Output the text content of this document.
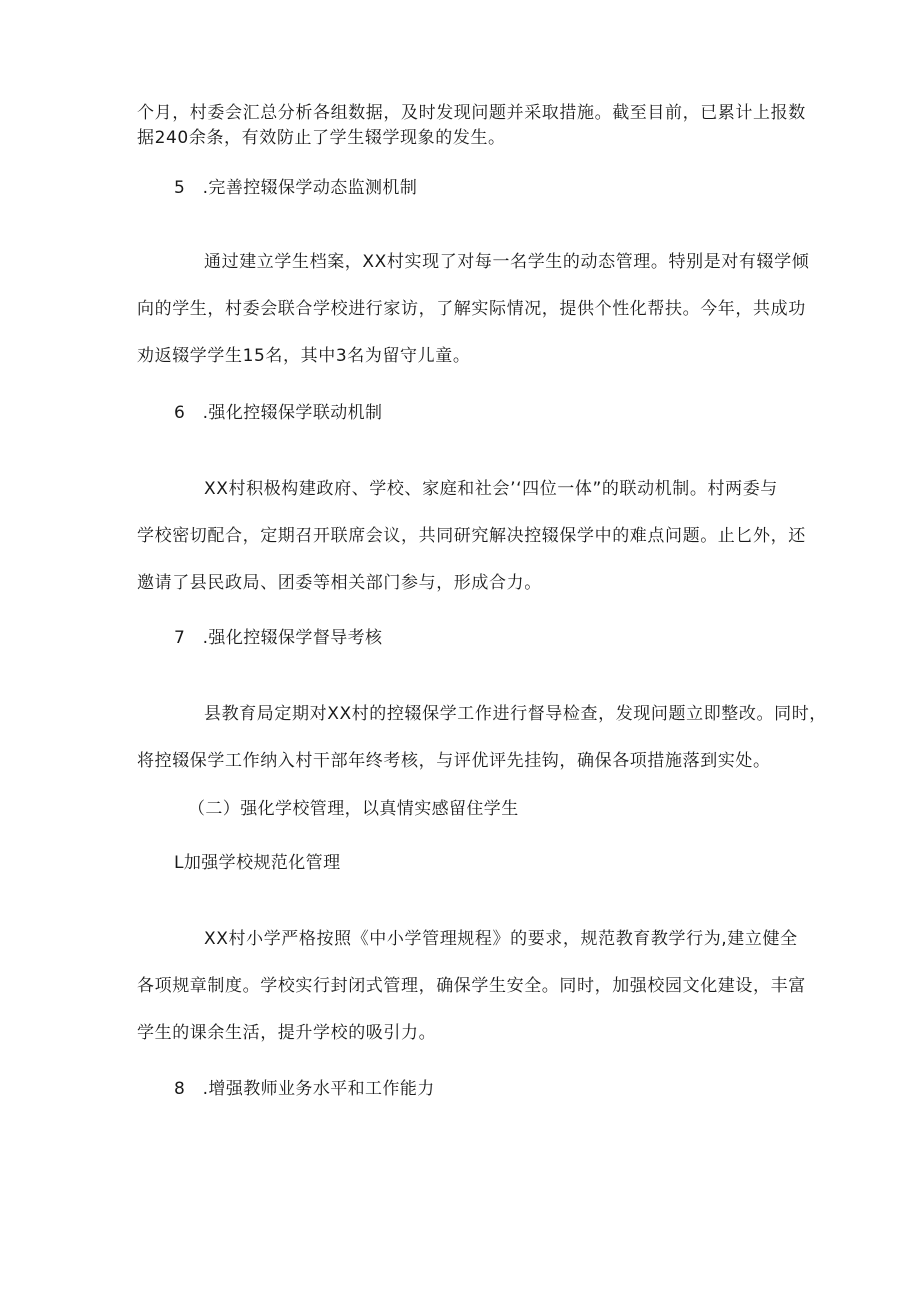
个月，村委会汇总分析各组数据，及时发现问题并采取措施。截至目前，已累计上报数
据240余条，有效防止了学生辍学现象的发生。
5　.完善控辍保学动态监测机制
通过建立学生档案，XX村实现了对每一名学生的动态管理。特别是对有辍学倾
向的学生，村委会联合学校进行家访，了解实际情况，提供个性化帮扶。今年，共成功
劝返辍学学生15名，其中3名为留守儿童。
6　.强化控辍保学联动机制
XX村积极构建政府、学校、家庭和社会’‘四位一体”的联动机制。村两委与
学校密切配合，定期召开联席会议，共同研究解决控辍保学中的难点问题。止匕外，还
邀请了县民政局、团委等相关部门参与，形成合力。
7　.强化控辍保学督导考核
县教育局定期对XX村的控辍保学工作进行督导检查，发现问题立即整改。同时，
将控辍保学工作纳入村干部年终考核，与评优评先挂钩，确保各项措施落到实处。
（二）强化学校管理，以真情实感留住学生
L加强学校规范化管理
XX村小学严格按照《中小学管理规程》的要求，规范教育教学行为,建立健全
各项规章制度。学校实行封闭式管理，确保学生安全。同时，加强校园文化建设，丰富
学生的课余生活，提升学校的吸引力。
8　.增强教师业务水平和工作能力
